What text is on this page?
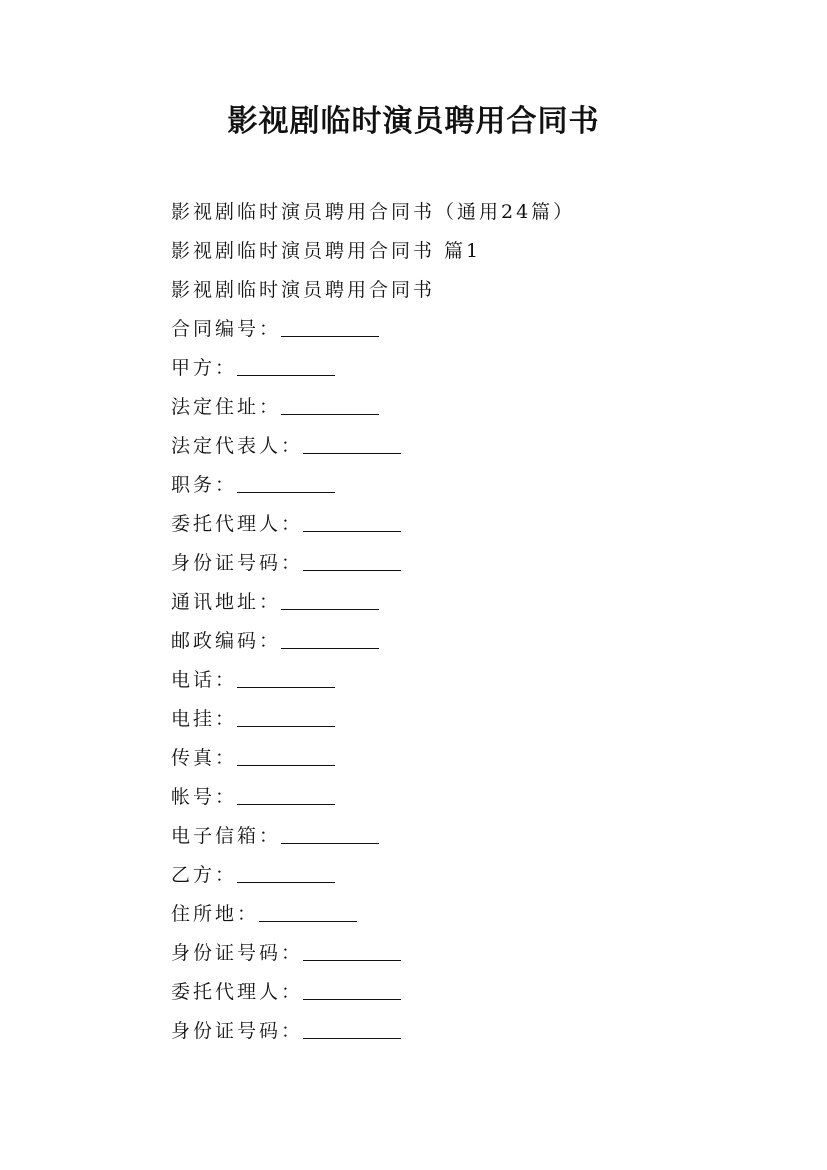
影视剧临时演员聘用合同书
影视剧临时演员聘用合同书（通用24篇）
影视剧临时演员聘用合同书 篇1
影视剧临时演员聘用合同书
合同编号：
甲方：
法定住址：
法定代表人：
职务：
委托代理人：
身份证号码：
通讯地址：
邮政编码：
电话：
电挂：
传真：
帐号：
电子信箱：
乙方：
住所地：
身份证号码：
委托代理人：
身份证号码：
